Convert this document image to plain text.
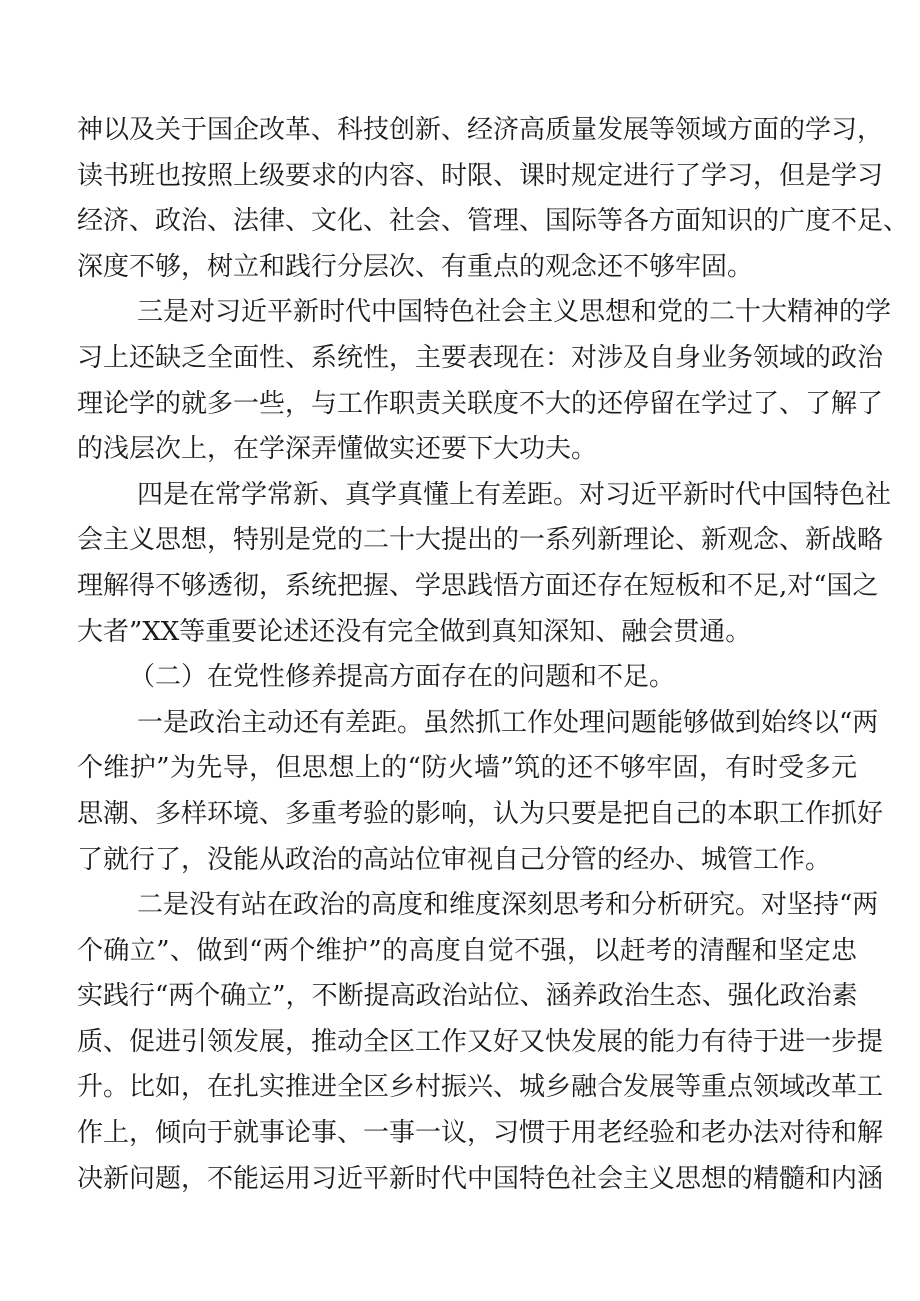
神以及关于国企改革、科技创新、经济高质量发展等领域方面的学习，
读书班也按照上级要求的内容、时限、课时规定进行了学习，但是学习
经济、政治、法律、文化、社会、管理、国际等各方面知识的广度不足、
深度不够，树立和践行分层次、有重点的观念还不够牢固。
三是对习近平新时代中国特色社会主义思想和党的二十大精神的学
习上还缺乏全面性、系统性，主要表现在：对涉及自身业务领域的政治
理论学的就多一些，与工作职责关联度不大的还停留在学过了、了解了
的浅层次上，在学深弄懂做实还要下大功夫。
四是在常学常新、真学真懂上有差距。对习近平新时代中国特色社
会主义思想，特别是党的二十大提出的一系列新理论、新观念、新战略
理解得不够透彻，系统把握、学思践悟方面还存在短板和不足,对“国之
大者”XX等重要论述还没有完全做到真知深知、融会贯通。
（二）在党性修养提高方面存在的问题和不足。
一是政治主动还有差距。虽然抓工作处理问题能够做到始终以“两
个维护”为先导，但思想上的“防火墙”筑的还不够牢固，有时受多元
思潮、多样环境、多重考验的影响，认为只要是把自己的本职工作抓好
了就行了，没能从政治的高站位审视自己分管的经办、城管工作。
二是没有站在政治的高度和维度深刻思考和分析研究。对坚持“两
个确立”、做到“两个维护”的高度自觉不强，以赶考的清醒和坚定忠
实践行“两个确立”，不断提高政治站位、涵养政治生态、强化政治素
质、促进引领发展，推动全区工作又好又快发展的能力有待于进一步提
升。比如，在扎实推进全区乡村振兴、城乡融合发展等重点领域改革工
作上，倾向于就事论事、一事一议，习惯于用老经验和老办法对待和解
决新问题，不能运用习近平新时代中国特色社会主义思想的精髓和内涵
